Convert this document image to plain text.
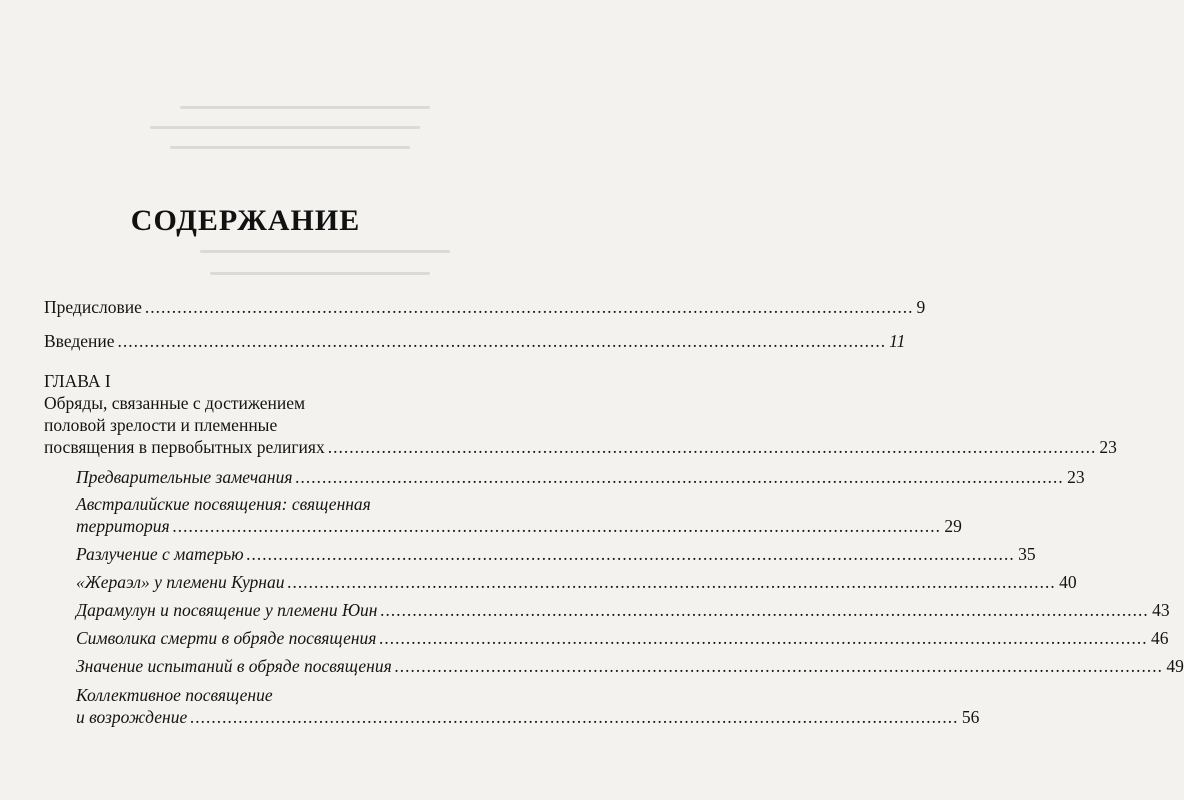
СОДЕРЖАНИЕ
Предисловие ............................................................................................................................................... 9
Введение ............................................................................................................................................... 11
ГЛАВА I
Обряды, связанные с достижением
половой зрелости и племенные
посвящения в первобытных религиях ............................................................................................................................................... 23
Предварительные замечания ............................................................................................................................................... 23
Австралийские посвящения: священная
территория ............................................................................................................................................... 29
Разлучение с матерью ............................................................................................................................................... 35
«Жераэл» у племени Курнаи ............................................................................................................................................... 40
Дарамулун и посвящение у племени Юин ............................................................................................................................................... 43
Символика смерти в обряде посвящения ............................................................................................................................................... 46
Значение испытаний в обряде посвящения ............................................................................................................................................... 49
Коллективное посвящение
и возрождение ............................................................................................................................................... 56
